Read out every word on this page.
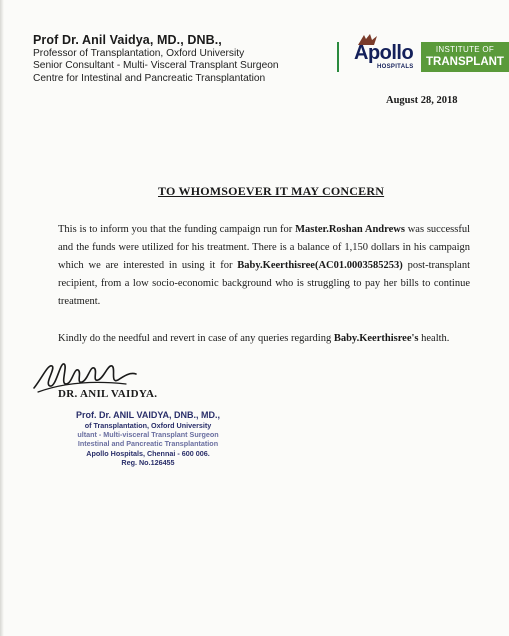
Prof Dr. Anil Vaidya, MD., DNB.,
Professor of Transplantation, Oxford University
Senior Consultant - Multi- Visceral Transplant Surgeon
Centre for Intestinal and Pancreatic Transplantation
Apollo
HOSPITALS
INSTITUTE OF
TRANSPLANT
August 28, 2018
TO WHOMSOEVER IT MAY CONCERN
This is to inform you that the funding campaign run for Master.Roshan Andrews was successful and the funds were utilized for his treatment. There is a balance of 1,150 dollars in his campaign which we are interested in using it for Baby.Keerthisree(AC01.0003585253) post-transplant recipient, from a low socio-economic background who is struggling to pay her bills to continue treatment.
Kindly do the needful and revert in case of any queries regarding Baby.Keerthisree's health.
DR. ANIL VAIDYA.
Prof. Dr. ANIL VAIDYA, DNB., MD.,
of Transplantation, Oxford University
ultant - Multi-visceral Transplant Surgeon
Intestinal and Pancreatic Transplantation
Apollo Hospitals, Chennai - 600 006.
Reg. No.126455
